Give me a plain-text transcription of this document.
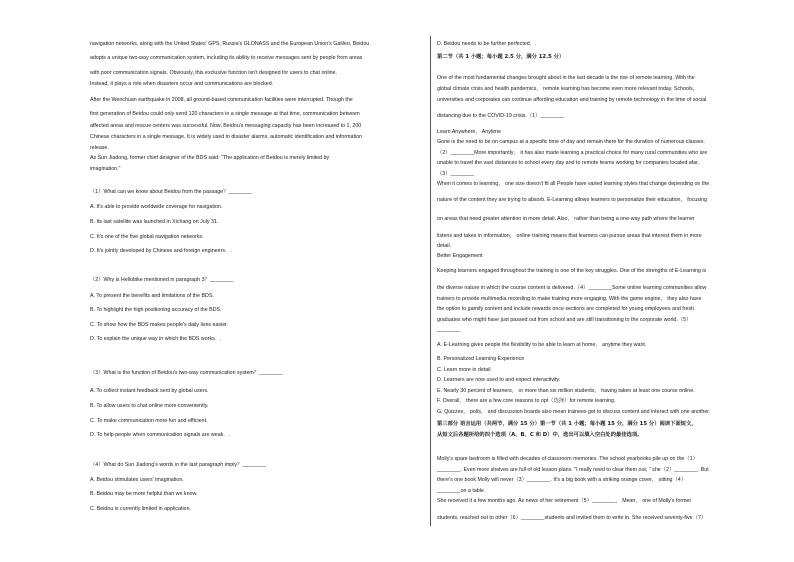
navigation networks, along with the United States' GPS, Russia's GLONASS and the European Union's Galileo, Beidou
adopts a unique two-way communication system, including its ability to receive messages sent by people from areas
with poor communication signals. Obviously, this exclusive function isn't designed for users to chat online.
Instead, it plays a role when disasters occur and communications are blocked.
After the Wenchuan earthquake in 2008, all ground-based communication facilities were interrupted. Though the
first generation of Beidou could only send 120 characters in a single message at that time, communication between
affected areas and rescue centers was successful. Now, Beidou's messaging capacity has been increased to 1, 200
Chinese characters in a single message. It is widely used in disaster alarms, automatic identification and information
release.
As Sun Jiadong, former chief designer of the BDS said: "The application of Beidou is merely limited by
imagination."
（1）What can we know about Beidou from the passage？________
A. It's able to provide worldwide coverage for navigation.
B. Its last satellite was launched in Xichang on July 31.
C. It's one of the five global navigation networks.
D. It's jointly developed by Chinese and foreign engineers．.
（2）Why is Hellobike mentioned in paragraph 3？________
A. To present the benefits and limitations of the BDS.
B. To highlight the high positioning accuracy of the BDS.
C. To show how the BDS makes people's daily lives easier.
D. To explain the unique way in which the BDS works．.
（3）What is the function of Beidou's two-way communication system？________
A. To collect instant feedback sent by global users.
B. To allow users to chat online more conveniently.
C. To make communication more fun and efficient.
D. To help people when communication signals are weak．.
（4）What do Sun Jiadong's words in the last paragraph imply？________
A. Beidou stimulates users' imagination.
B. Beidou may be more helpful than we know.
C. Beidou is currently limited in application.
D. Beidou needs to be further perfected．.
第二节（共 1 小题；每小题 2.5 分，满分 12.5 分）
One of the most fundamental changes brought about in the last decade is the rise of remote learning. With the
global climate crisis and health pandemics， remote learning has become even more relevant today. Schools，
universities and corporates can continue affording education and training by remote technology in the time of social
distancing due to the COVID-19 crisis.（1）________
Learn Anywhere， Anytime
Gone is the need to be on campus at a specific time of day and remain there for the duration of numerous classes.
（2）________More importantly， it has also made learning a practical choice for many rural communities who are
unable to travel the vast distances to school every day and to remote teams working for companies located afar.
（3）________
When it comes to learning， one size doesn't fit all People have varied learning styles that change depending on the
nature of the content they are trying to absorb. E-Learning allows learners to personalize their education， focusing
on areas that need greater attention in more detail. Also， rather than being a one-way path where the learner
listens and takes in information， online training means that learners can pursue areas that interest them in more
detail.
Better Engagement
Keeping learners engaged throughout the training is one of the key struggles. One of the strengths of E-Learning is
the diverse nature in which the course content is delivered.（4）________Some online learning communities allow
trainers to provide multimedia recording to make training more engaging. With the game engine， they also have
the option to gamify content and include rewards once sections are completed for young employees and fresh
graduates who might have just passed out from school and are still transitioning to the corporate world.（5）
________
A. E-Learning gives people the flexibility to be able to learn at home， anytime they want.
B. Personalized Learning Experience
C. Learn more in detail
D. Learners are now used to and expect interactivity.
E. Nearly 30 percent of learners， or more than six million students， having taken at least one course online.
F. Overall， there are a few core reasons to opt（选择）for remote learning.
G. Quizzes， polls， and discussion boards also mean trainees get to discuss content and interact with one another.
第三部分 语言运用（共两节，满分 15 分）第一节（共 1 小题；每小题 15 分，满分 15 分）阅读下面短文，
从短文后各题所给的四个选项（A、B、C 和 D）中，选出可以填入空白处的最佳选项。
Molly's spare bedroom is filled with decades of classroom memories. The school yearbooks pile up on the（1）
________. Even more shelves are full of old lesson plans. "I really need to clear them out, " she（2）________. But
there's one book Molly will never（3）________. It's a big book with a striking orange cover， sitting（4）
________on a table.
She received it a few months ago. As news of her retirement（5）________， Meier， one of Molly's former
students, reached out to other（6）________students and invited them to write in. She received seventy-five（7）
